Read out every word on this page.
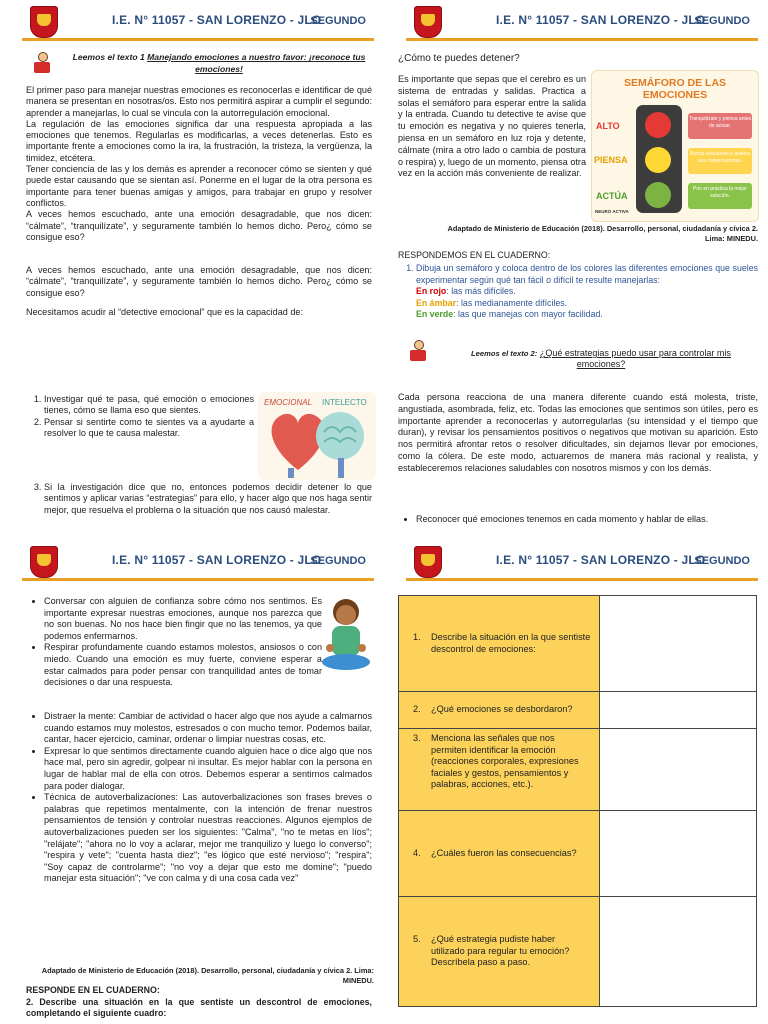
I.E. N° 11057 - SAN LORENZO - JLO
SEGUNDO
Leemos el texto 1 Manejando emociones a nuestro favor: ¡reconoce tus emociones!
El primer paso para manejar nuestras emociones es reconocerlas e identificar de qué manera se presentan en nosotras/os. Esto nos permitirá aspirar a cumplir el segundo: aprender a manejarlas, lo cual se vincula con la autorregulación emocional.
La regulación de las emociones significa dar una respuesta apropiada a las emociones que tenemos. Regularlas es modificarlas, a veces detenerlas. Esto es importante frente a emociones como la ira, la frustración, la tristeza, la vergüenza, la timidez, etcétera.
Tener conciencia de las y los demás es aprender a reconocer cómo se sienten y qué puede estar causando que se sientan así. Ponerme en el lugar de la otra persona es importante para tener buenas amigas y amigos, para trabajar en grupo y resolver conflictos.
A veces hemos escuchado, ante una emoción desagradable, que nos dicen: “cálmate”, “tranquilízate”, y seguramente también lo hemos dicho. Pero¿ cómo se consigue eso?
A veces hemos escuchado, ante una emoción desagradable, que nos dicen: “cálmate”, “tranquilízate”, y seguramente también lo hemos dicho. Pero¿ cómo se consigue eso?
Necesitamos acudir al “detective emocional” que es la capacidad de:
1. Investigar qué te pasa, qué emoción o emociones tienes, cómo se llama eso que sientes.
2. Pensar si sentirte como te sientes va a ayudarte a resolver lo que te causa malestar.
3. Si la investigación dice que no, entonces podemos decidir detener lo que sentimos y aplicar varias “estrategias” para ello, y hacer algo que nos haga sentir mejor, que resuelva el problema o la situación que nos causó malestar.
EMOCIONAL INTELECTO
I.E. N° 11057 - SAN LORENZO - JLO
SEGUNDO
¿Cómo te puedes detener?
Es importante que sepas que el cerebro es un sistema de entradas y salidas. Practica a solas el semáforo para esperar entre la salida y la entrada. Cuando tu detective te avise que tu emoción es negativa y no quieres tenerla, piensa en un semáforo en luz roja y detente, cálmate (mira a otro lado o cambia de postura o respira) y, luego de un momento, piensa otra vez en la acción más conveniente de realizar.
SEMÁFORO DE LAS
EMOCIONES
ALTO
PIENSA
ACTÚA
Tranquilízate y piensa antes de actuar.
Busca soluciones y analiza sus consecuencias.
Pon en práctica la mejor solución.
NEURO ACTIVA
Adaptado de Ministerio de Educación (2018). Desarrollo, personal, ciudadanía y cívica 2. Lima: MINEDU.
RESPONDEMOS EN EL CUADERNO:
1. Dibuja un semáforo y coloca dentro de los colores las diferentes emociones que sueles experimentar según qué tan fácil o difícil te resulte manejarlas:
En rojo: las más difíciles.
En ámbar: las medianamente difíciles.
En verde: las que manejas con mayor facilidad.
Leemos el texto 2: ¿Qué estrategias puedo usar para controlar mis emociones?
Cada persona reacciona de una manera diferente cuando está molesta, triste, angustiada, asombrada, feliz, etc. Todas las emociones que sentimos son útiles, pero es importante aprender a reconocerlas y autorregularlas (su intensidad y el tiempo que duran), y revisar los pensamientos positivos o negativos que motivan su aparición. Esto nos permitirá afrontar retos o resolver dificultades, sin dejarnos llevar por emociones, como la cólera. De este modo, actuaremos de manera más racional y realista, y estableceremos relaciones saludables con nosotros mismos y con los demás.
• Reconocer qué emociones tenemos en cada momento y hablar de ellas.
I.E. N° 11057 - SAN LORENZO - JLO
SEGUNDO
• Conversar con alguien de confianza sobre cómo nos sentimos. Es importante expresar nuestras emociones, aunque nos parezca que no son buenas. No nos hace bien fingir que no las tenemos, ya que podemos enfermarnos.
• Respirar profundamente cuando estamos molestos, ansiosos o con miedo. Cuando una emoción es muy fuerte, conviene esperar a estar calmados para poder pensar con tranquilidad antes de tomar decisiones o dar una respuesta.
• Distraer la mente: Cambiar de actividad o hacer algo que nos ayude a calmarnos cuando estamos muy molestos, estresados o con mucho temor. Podemos bailar, cantar, hacer ejercicio, caminar, ordenar o limpiar nuestras cosas, etc.
• Expresar lo que sentimos directamente cuando alguien hace o dice algo que nos hace mal, pero sin agredir, golpear ni insultar. Es mejor hablar con la persona en lugar de hablar mal de ella con otros. Debemos esperar a sentirnos calmados para poder dialogar.
• Técnica de autoverbalizaciones: Las autoverbalizaciones son frases breves o palabras que repetimos mentalmente, con la intención de frenar nuestros pensamientos de tensión y controlar nuestras reacciones. Algunos ejemplos de autoverbalizaciones pueden ser los siguientes: "Calma", "no te metas en líos"; "relájate"; "ahora no lo voy a aclarar, mejor me tranquilizo y luego lo converso"; "respira y vete"; "cuenta hasta diez"; "es lógico que esté nervioso"; "respira"; "Soy capaz de controlarme"; "no voy a dejar que esto me domine"; "puedo manejar esta situación"; "ve con calma y di una cosa cada vez"
Adaptado de Ministerio de Educación (2018). Desarrollo, personal, ciudadanía y cívica 2. Lima: MINEDU.
RESPONDE EN EL CUADERNO:
2. Describe una situación en la que sentiste un descontrol de emociones, completando el siguiente cuadro:
I.E. N° 11057 - SAN LORENZO - JLO
SEGUNDO
1. Describe la situación en la que sentiste descontrol de emociones:	

2. ¿Qué emociones se desbordaron?	

3. Menciona las señales que nos permiten identificar la emoción (reacciones corporales, expresiones faciales y gestos, pensamientos y palabras, acciones, etc.).	

4. ¿Cuáles fueron las consecuencias?	

5. ¿Qué estrategia pudiste haber utilizado para regular tu emoción? Descríbela paso a paso.	
